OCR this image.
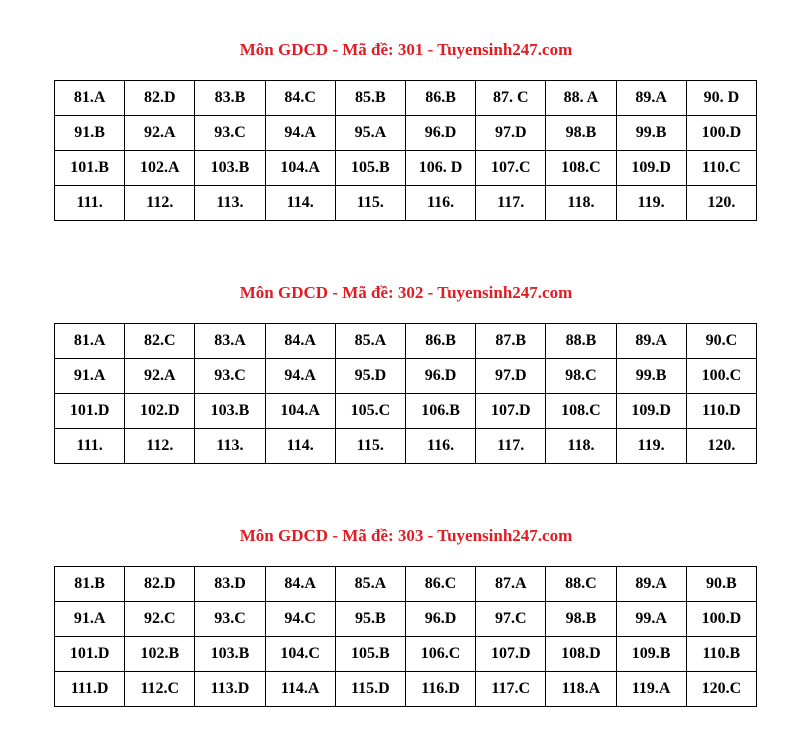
Môn GDCD - Mã đề: 301 - Tuyensinh247.com
81.A	82.D	83.B	84.C	85.B	86.B	87. C	88. A	89.A	90. D
91.B	92.A	93.C	94.A	95.A	96.D	97.D	98.B	99.B	100.D
101.B	102.A	103.B	104.A	105.B	106. D	107.C	108.C	109.D	110.C
111.	112.	113.	114.	115.	116.	117.	118.	119.	120.
Môn GDCD - Mã đề: 302 - Tuyensinh247.com
81.A	82.C	83.A	84.A	85.A	86.B	87.B	88.B	89.A	90.C
91.A	92.A	93.C	94.A	95.D	96.D	97.D	98.C	99.B	100.C
101.D	102.D	103.B	104.A	105.C	106.B	107.D	108.C	109.D	110.D
111.	112.	113.	114.	115.	116.	117.	118.	119.	120.
Môn GDCD - Mã đề: 303 - Tuyensinh247.com
81.B	82.D	83.D	84.A	85.A	86.C	87.A	88.C	89.A	90.B
91.A	92.C	93.C	94.C	95.B	96.D	97.C	98.B	99.A	100.D
101.D	102.B	103.B	104.C	105.B	106.C	107.D	108.D	109.B	110.B
111.D	112.C	113.D	114.A	115.D	116.D	117.C	118.A	119.A	120.C
